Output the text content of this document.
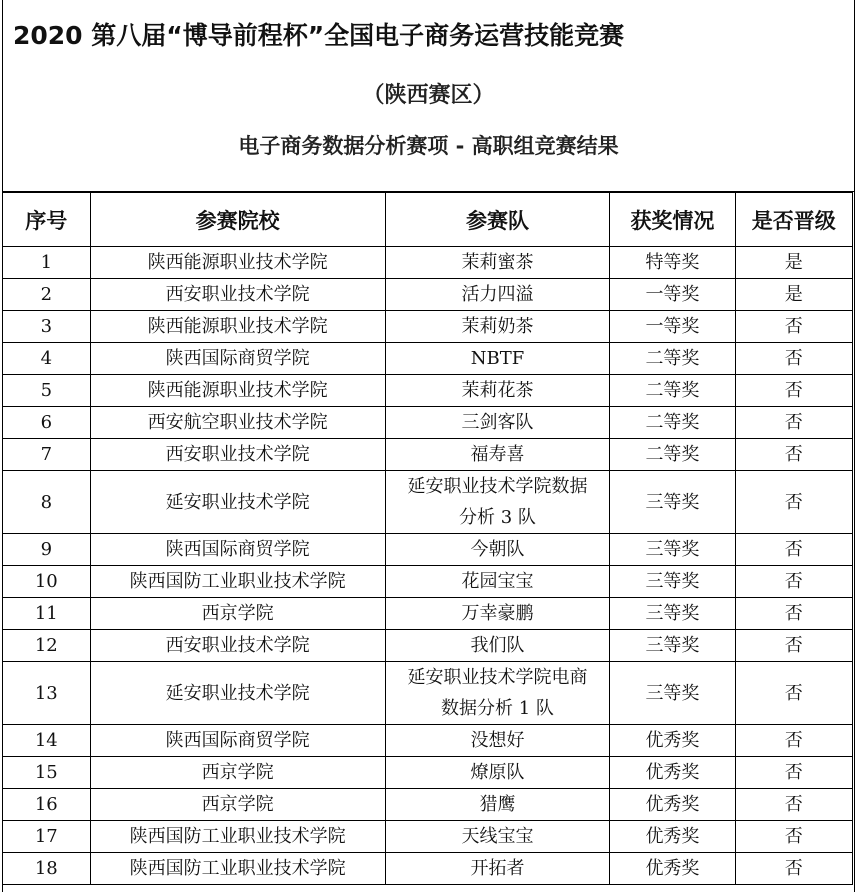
2020 第八届“博导前程杯”全国电子商务运营技能竞赛
（陕西赛区）
电子商务数据分析赛项 - 高职组竞赛结果
序号	参赛院校	参赛队	获奖情况	是否晋级
1	陕西能源职业技术学院	茉莉蜜茶	特等奖	是
2	西安职业技术学院	活力四溢	一等奖	是
3	陕西能源职业技术学院	茉莉奶茶	一等奖	否
4	陕西国际商贸学院	NBTF	二等奖	否
5	陕西能源职业技术学院	茉莉花茶	二等奖	否
6	西安航空职业技术学院	三剑客队	二等奖	否
7	西安职业技术学院	福寿喜	二等奖	否
8	延安职业技术学院	延安职业技术学院数据分析 3 队	三等奖	否
9	陕西国际商贸学院	今朝队	三等奖	否
10	陕西国防工业职业技术学院	花园宝宝	三等奖	否
11	西京学院	万幸豪鹏	三等奖	否
12	西安职业技术学院	我们队	三等奖	否
13	延安职业技术学院	延安职业技术学院电商数据分析 1 队	三等奖	否
14	陕西国际商贸学院	没想好	优秀奖	否
15	西京学院	燎原队	优秀奖	否
16	西京学院	猎鹰	优秀奖	否
17	陕西国防工业职业技术学院	天线宝宝	优秀奖	否
18	陕西国防工业职业技术学院	开拓者	优秀奖	否
